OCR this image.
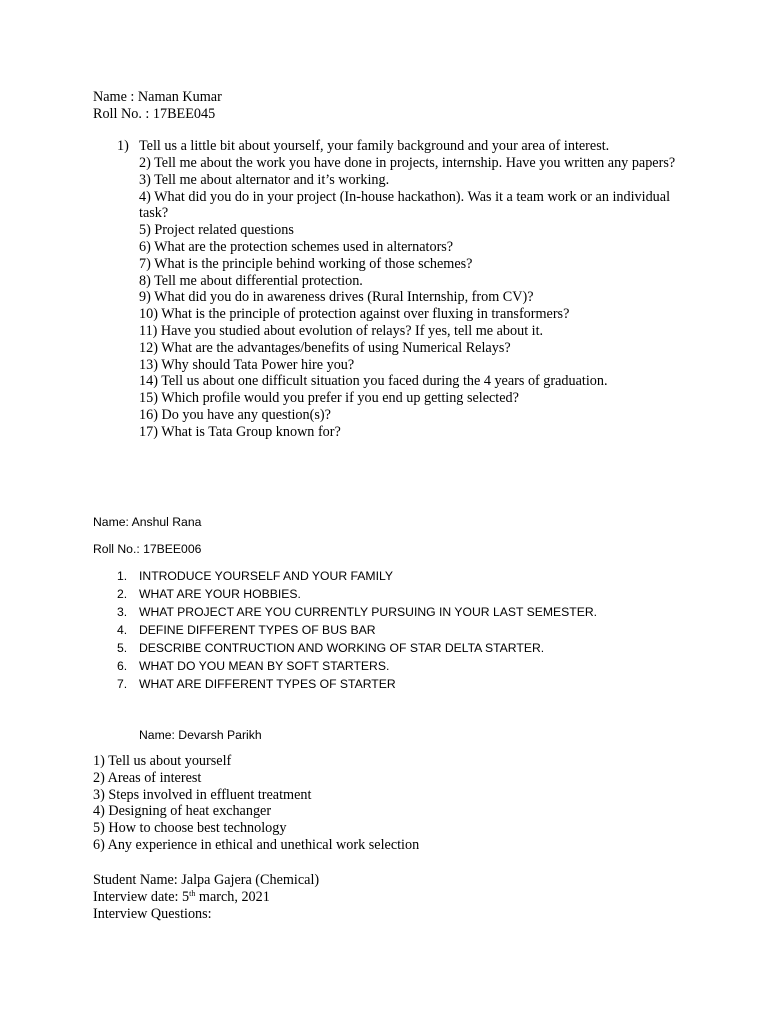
Name : Naman Kumar
Roll No. : 17BEE045
1) Tell us a little bit about yourself, your family background and your area of interest.
2) Tell me about the work you have done in projects, internship. Have you written any papers?
3) Tell me about alternator and it’s working.
4) What did you do in your project (In-house hackathon). Was it a team work or an individual task?
5) Project related questions
6) What are the protection schemes used in alternators?
7) What is the principle behind working of those schemes?
8) Tell me about differential protection.
9) What did you do in awareness drives (Rural Internship, from CV)?
10) What is the principle of protection against over fluxing in transformers?
11) Have you studied about evolution of relays? If yes, tell me about it.
12) What are the advantages/benefits of using Numerical Relays?
13) Why should Tata Power hire you?
14) Tell us about one difficult situation you faced during the 4 years of graduation.
15) Which profile would you prefer if you end up getting selected?
16) Do you have any question(s)?
17) What is Tata Group known for?
Name: Anshul Rana
Roll No.: 17BEE006
1. INTRODUCE YOURSELF AND YOUR FAMILY
2. WHAT ARE YOUR HOBBIES.
3. WHAT PROJECT ARE YOU CURRENTLY PURSUING IN YOUR LAST SEMESTER.
4. DEFINE DIFFERENT TYPES OF BUS BAR
5. DESCRIBE CONTRUCTION AND WORKING OF STAR DELTA STARTER.
6. WHAT DO YOU MEAN BY SOFT STARTERS.
7. WHAT ARE DIFFERENT TYPES OF STARTER
Name: Devarsh Parikh
1) Tell us about yourself
2) Areas of interest
3) Steps involved in effluent treatment
4) Designing of heat exchanger
5) How to choose best technology
6) Any experience in ethical and unethical work selection
Student Name: Jalpa Gajera (Chemical)
Interview date: 5th march, 2021
Interview Questions:
